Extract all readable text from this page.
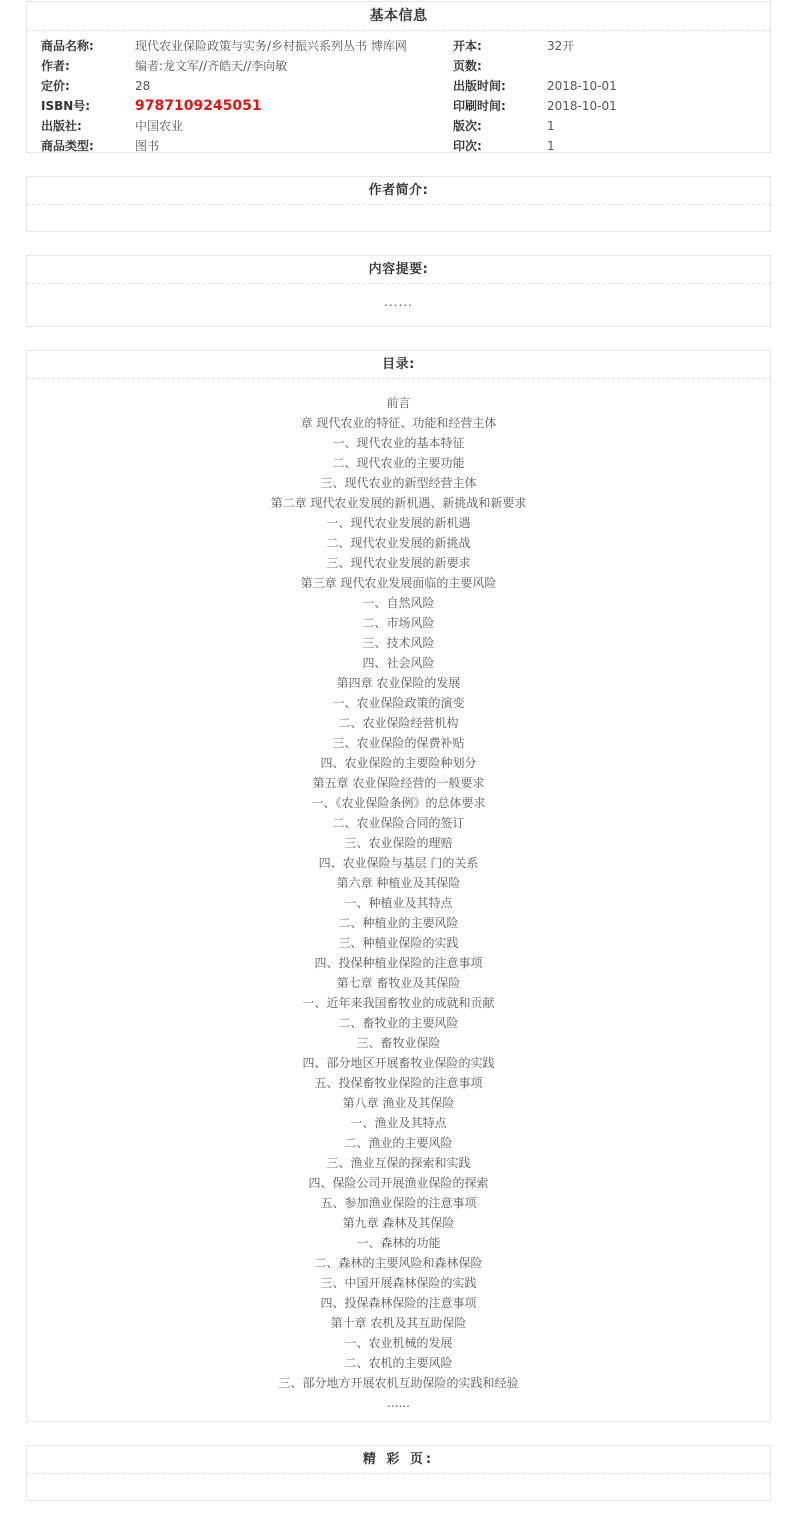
基本信息
商品名称:	现代农业保险政策与实务/乡村振兴系列丛书 博库网
作者:	编者:龙文军//齐皓天//李向敏
定价:	28
ISBN号:	9787109245051
出版社:	中国农业
商品类型:	图书
开本:	32开
页数:
出版时间:	2018-10-01
印刷时间:	2018-10-01
版次:	1
印次:	1
作者简介:
内容提要:
......
目录:
前言
章 现代农业的特征、功能和经营主体
一、现代农业的基本特征
二、现代农业的主要功能
三、现代农业的新型经营主体
第二章 现代农业发展的新机遇、新挑战和新要求
一、现代农业发展的新机遇
二、现代农业发展的新挑战
三、现代农业发展的新要求
第三章 现代农业发展面临的主要风险
一、自然风险
二、市场风险
三、技术风险
四、社会风险
第四章 农业保险的发展
一、农业保险政策的演变
二、农业保险经营机构
三、农业保险的保费补贴
四、农业保险的主要险种划分
第五章 农业保险经营的一般要求
一、《农业保险条例》的总体要求
二、农业保险合同的签订
三、农业保险的理赔
四、农业保险与基层 门的关系
第六章 种植业及其保险
一、种植业及其特点
二、种植业的主要风险
三、种植业保险的实践
四、投保种植业保险的注意事项
第七章 畜牧业及其保险
一、近年来我国畜牧业的成就和贡献
二、畜牧业的主要风险
三、畜牧业保险
四、部分地区开展畜牧业保险的实践
五、投保畜牧业保险的注意事项
第八章 渔业及其保险
一、渔业及其特点
二、渔业的主要风险
三、渔业互保的探索和实践
四、保险公司开展渔业保险的探索
五、参加渔业保险的注意事项
第九章 森林及其保险
一、森林的功能
二、森林的主要风险和森林保险
三、中国开展森林保险的实践
四、投保森林保险的注意事项
第十章 农机及其互助保险
一、农业机械的发展
二、农机的主要风险
三、部分地方开展农机互助保险的实践和经验
......
精 彩 页:
